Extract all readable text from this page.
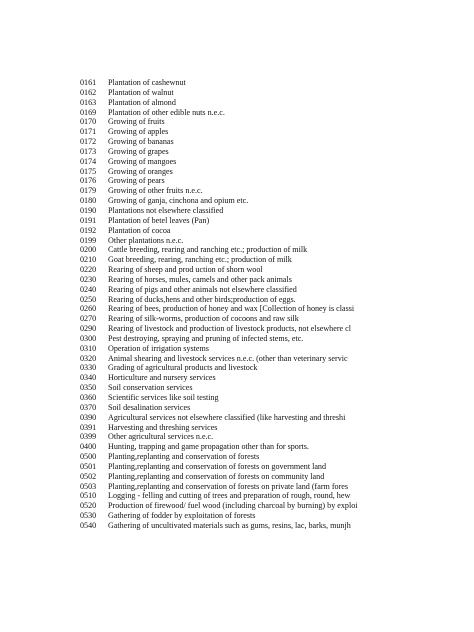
0161	Plantation of cashewnut
0162	Plantation of walnut
0163	Plantation of almond
0169	Plantation of other edible nuts n.e.c.
0170	Growing of fruits
0171	Growing of apples
0172	Growing of bananas
0173	Growing of grapes
0174	Growing of mangoes
0175	Growing of oranges
0176	Growing of pears
0179	Growing of other fruits n.e.c.
0180	Growing of ganja, cinchona and opium etc.
0190	Plantations not elsewhere classified
0191	Plantation of betel leaves (Pan)
0192	Plantation of cocoa
0199	Other plantations n.e.c.
0200	Cattle breeding, rearing and ranching etc.; production of milk
0210	Goat breeding, rearing, ranching etc.; production of milk
0220	Rearing of sheep and prod uction of shorn wool
0230	Rearing of horses, mules, camels and other pack animals
0240	Rearing of pigs and other animals not elsewhere classified
0250	Rearing of ducks,hens and other birds;production of eggs.
0260	Rearing of bees, production of honey and wax [Collection of honey is classi
0270	Rearing of silk-worms, production of cocoons and raw silk
0290	Rearing of livestock and production of livestock products, not elsewhere cl
0300	Pest destroying, spraying and pruning of infected stems, etc.
0310	Operation of irrigation systems
0320	Animal shearing and livestock services n.e.c. (other than veterinary servic
0330	Grading of agricultural products and livestock
0340	Horticulture and nursery services
0350	Soil conservation services
0360	Scientific services like soil testing
0370	Soil desalination services
0390	Agricultural services not elsewhere classified (like harvesting and threshi
0391	Harvesting and threshing services
0399	Other agricultural services n.e.c.
0400	Hunting, trapping and game propagation other than for sports.
0500	Planting,replanting and conservation of forests
0501	Planting,replanting and conservation of forests on government land
0502	Planting,replanting and conservation of forests on community land
0503	Planting,replanting and conservation of forests on private land (farm fores
0510	Logging - felling and cutting of trees and preparation of rough, round, hew
0520	Production of firewood/ fuel wood (including charcoal by burning) by exploi
0530	Gathering of fodder by exploitation of forests
0540	Gathering of uncultivated materials such as gums, resins, lac, barks, munjh
